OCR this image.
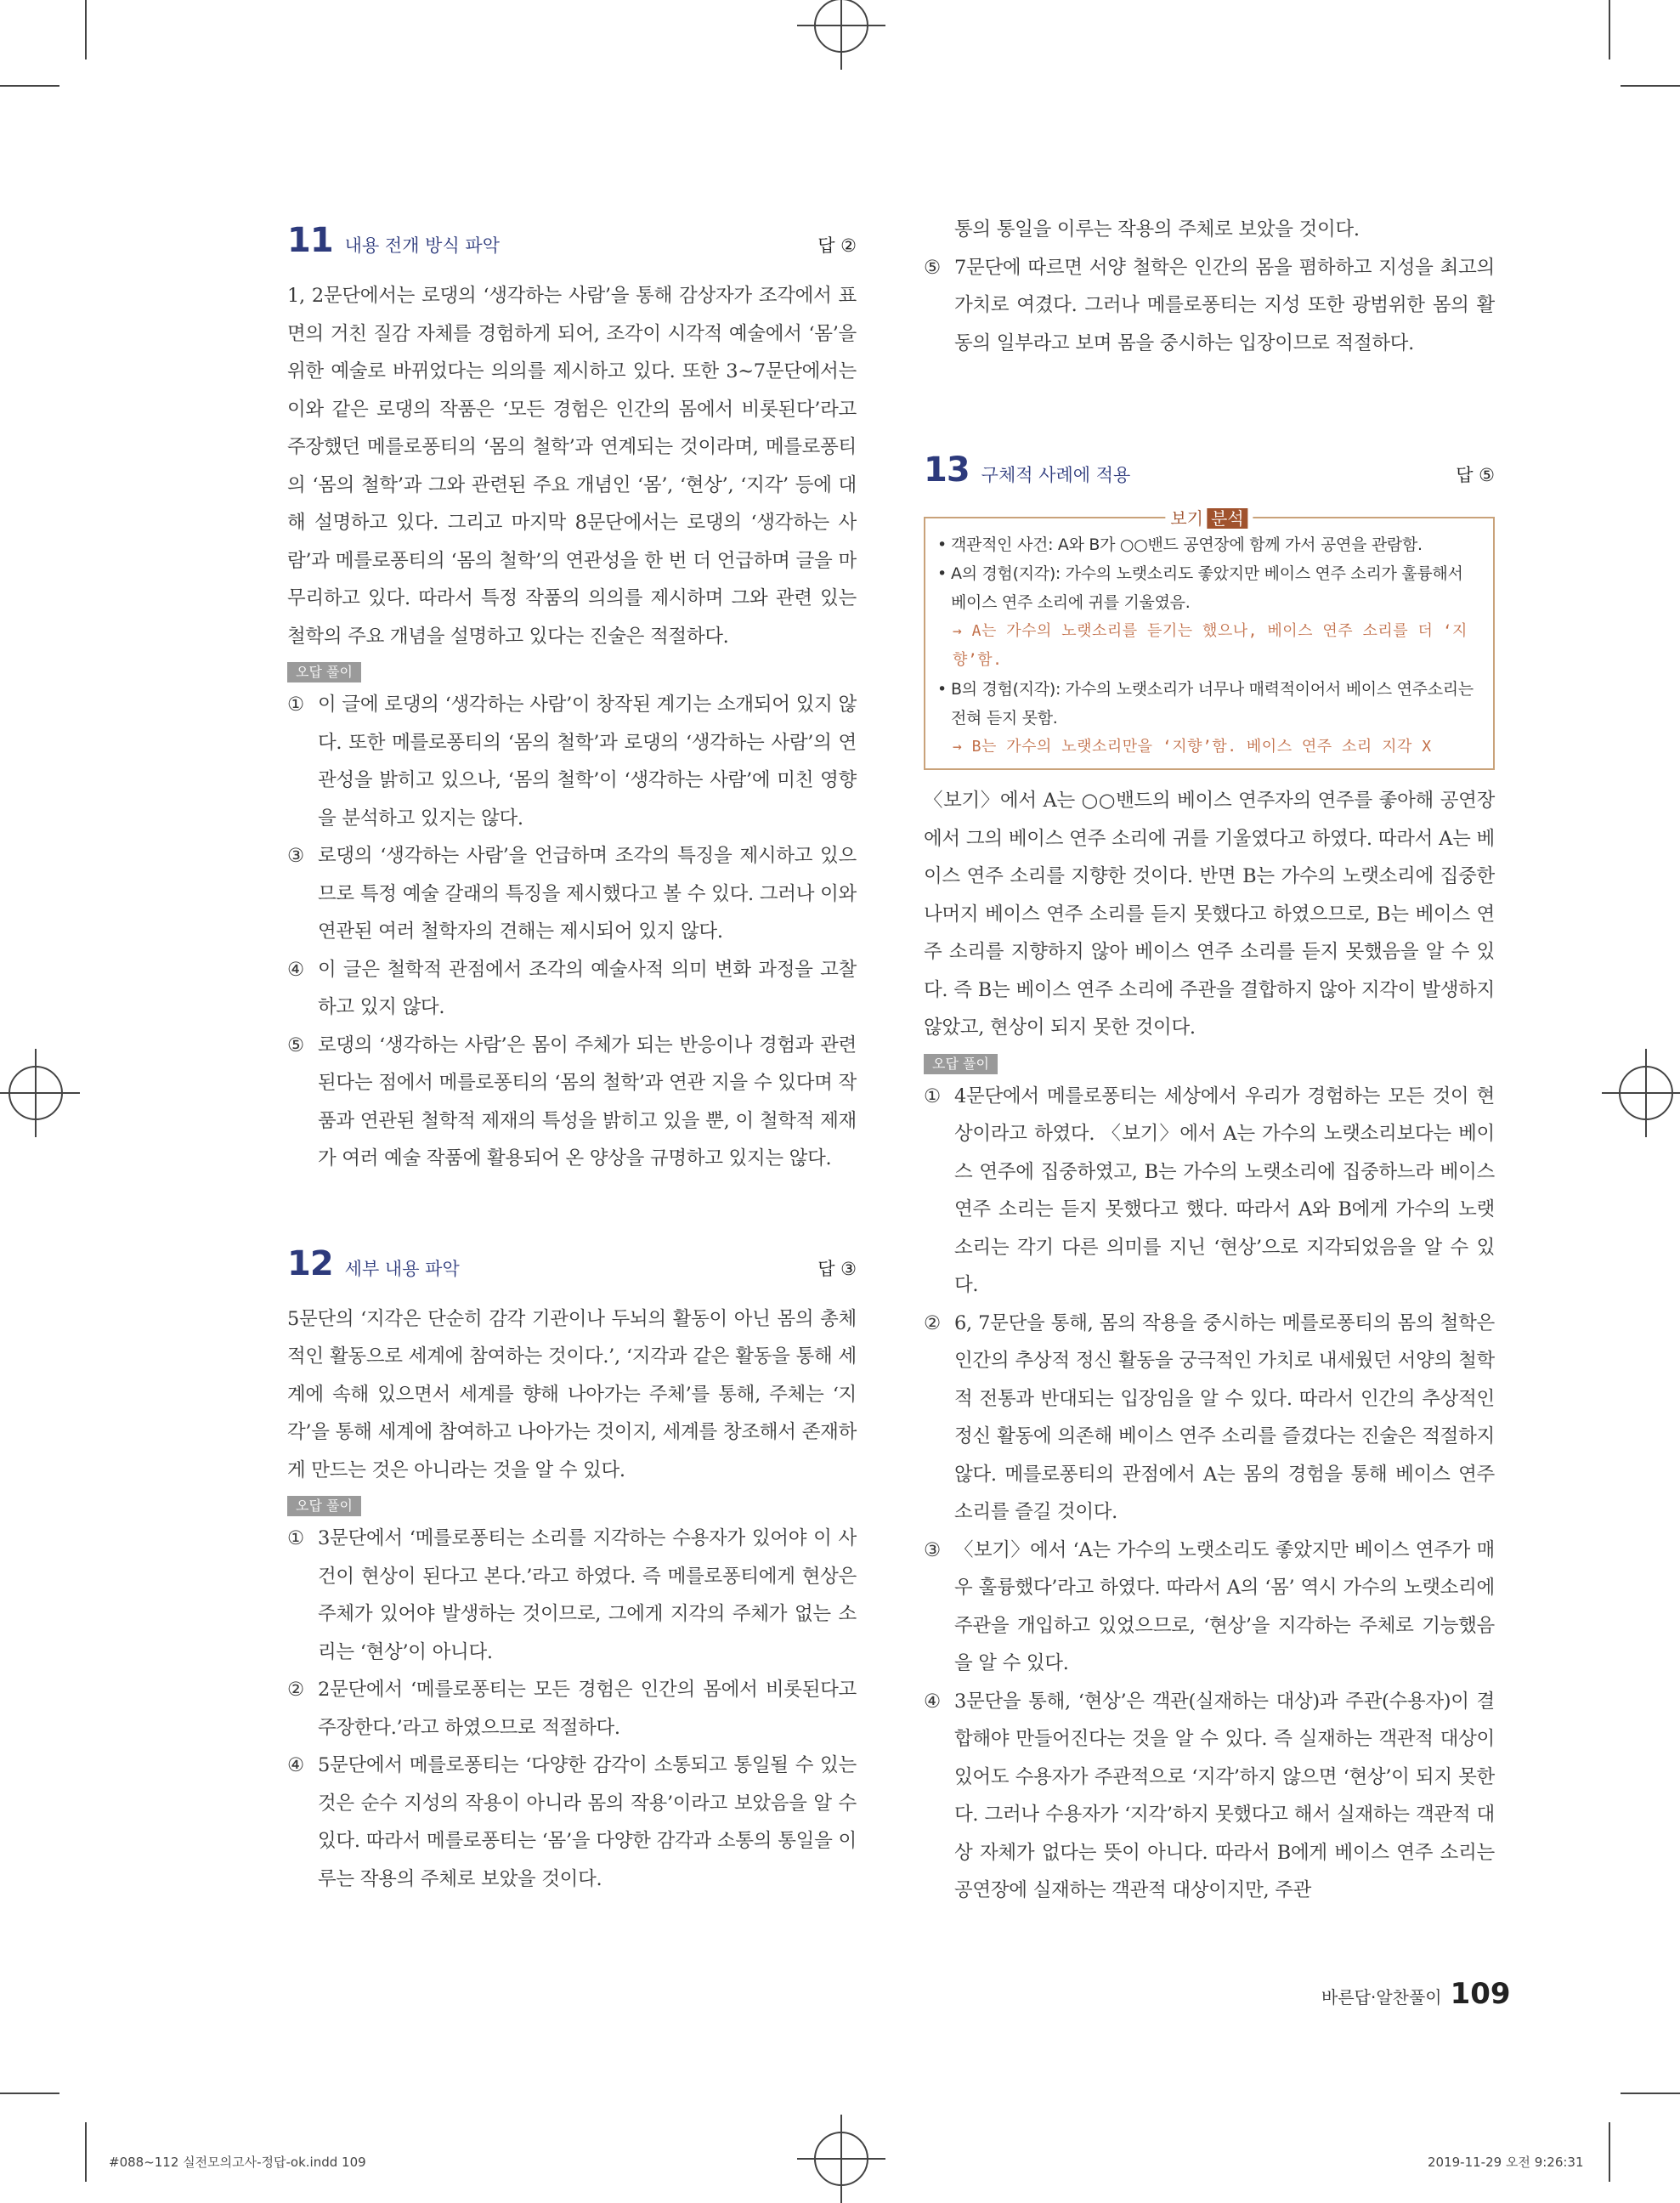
11 내용 전개 방식 파악	답 ②
1, 2문단에서는 로댕의 ‘생각하는 사람’을 통해 감상자가 조각에서 표면의 거친 질감 자체를 경험하게 되어, 조각이 시각적 예술에서 ‘몸’을 위한 예술로 바뀌었다는 의의를 제시하고 있다. 또한 3~7문단에서는 이와 같은 로댕의 작품은 ‘모든 경험은 인간의 몸에서 비롯된다’라고 주장했던 메를로퐁티의 ‘몸의 철학’과 연계되는 것이라며, 메를로퐁티의 ‘몸의 철학’과 그와 관련된 주요 개념인 ‘몸’, ‘현상’, ‘지각’ 등에 대해 설명하고 있다. 그리고 마지막 8문단에서는 로댕의 ‘생각하는 사람’과 메를로퐁티의 ‘몸의 철학’의 연관성을 한 번 더 언급하며 글을 마무리하고 있다. 따라서 특정 작품의 의의를 제시하며 그와 관련 있는 철학의 주요 개념을 설명하고 있다는 진술은 적절하다.
오답 풀이
① 이 글에 로댕의 ‘생각하는 사람’이 창작된 계기는 소개되어 있지 않다. 또한 메를로퐁티의 ‘몸의 철학’과 로댕의 ‘생각하는 사람’의 연관성을 밝히고 있으나, ‘몸의 철학’이 ‘생각하는 사람’에 미친 영향을 분석하고 있지는 않다.
③ 로댕의 ‘생각하는 사람’을 언급하며 조각의 특징을 제시하고 있으므로 특정 예술 갈래의 특징을 제시했다고 볼 수 있다. 그러나 이와 연관된 여러 철학자의 견해는 제시되어 있지 않다.
④ 이 글은 철학적 관점에서 조각의 예술사적 의미 변화 과정을 고찰하고 있지 않다.
⑤ 로댕의 ‘생각하는 사람’은 몸이 주체가 되는 반응이나 경험과 관련된다는 점에서 메를로퐁티의 ‘몸의 철학’과 연관 지을 수 있다며 작품과 연관된 철학적 제재의 특성을 밝히고 있을 뿐, 이 철학적 제재가 여러 예술 작품에 활용되어 온 양상을 규명하고 있지는 않다.
12 세부 내용 파악	답 ③
5문단의 ‘지각은 단순히 감각 기관이나 두뇌의 활동이 아닌 몸의 총체적인 활동으로 세계에 참여하는 것이다.’, ‘지각과 같은 활동을 통해 세계에 속해 있으면서 세계를 향해 나아가는 주체’를 통해, 주체는 ‘지각’을 통해 세계에 참여하고 나아가는 것이지, 세계를 창조해서 존재하게 만드는 것은 아니라는 것을 알 수 있다.
오답 풀이
① 3문단에서 ‘메를로퐁티는 소리를 지각하는 수용자가 있어야 이 사건이 현상이 된다고 본다.’라고 하였다. 즉 메를로퐁티에게 현상은 주체가 있어야 발생하는 것이므로, 그에게 지각의 주체가 없는 소리는 ‘현상’이 아니다.
② 2문단에서 ‘메를로퐁티는 모든 경험은 인간의 몸에서 비롯된다고 주장한다.’라고 하였으므로 적절하다.
④ 5문단에서 메를로퐁티는 ‘다양한 감각이 소통되고 통일될 수 있는 것은 순수 지성의 작용이 아니라 몸의 작용’이라고 보았음을 알 수 있다. 따라서 메를로퐁티는 ‘몸’을 다양한 감각과 소통의 통일을 이루는 작용의 주체로 보았을 것이다.
통의 통일을 이루는 작용의 주체로 보았을 것이다.
⑤ 7문단에 따르면 서양 철학은 인간의 몸을 폄하하고 지성을 최고의 가치로 여겼다. 그러나 메를로퐁티는 지성 또한 광범위한 몸의 활동의 일부라고 보며 몸을 중시하는 입장이므로 적절하다.
13 구체적 사례에 적용	답 ⑤
보기 분석
• 객관적인 사건: A와 B가 ○○밴드 공연장에 함께 가서 공연을 관람함.
• A의 경험(지각): 가수의 노랫소리도 좋았지만 베이스 연주 소리가 훌륭해서 베이스 연주 소리에 귀를 기울였음.
→ A는 가수의 노랫소리를 듣기는 했으나, 베이스 연주 소리를 더 ‘지향’함.
• B의 경험(지각): 가수의 노랫소리가 너무나 매력적이어서 베이스 연주소리는 전혀 듣지 못함.
→ B는 가수의 노랫소리만을 ‘지향’함. 베이스 연주 소리 지각 X
〈보기〉에서 A는 ○○밴드의 베이스 연주자의 연주를 좋아해 공연장에서 그의 베이스 연주 소리에 귀를 기울였다고 하였다. 따라서 A는 베이스 연주 소리를 지향한 것이다. 반면 B는 가수의 노랫소리에 집중한 나머지 베이스 연주 소리를 듣지 못했다고 하였으므로, B는 베이스 연주 소리를 지향하지 않아 베이스 연주 소리를 듣지 못했음을 알 수 있다. 즉 B는 베이스 연주 소리에 주관을 결합하지 않아 지각이 발생하지 않았고, 현상이 되지 못한 것이다.
오답 풀이
① 4문단에서 메를로퐁티는 세상에서 우리가 경험하는 모든 것이 현상이라고 하였다. 〈보기〉에서 A는 가수의 노랫소리보다는 베이스 연주에 집중하였고, B는 가수의 노랫소리에 집중하느라 베이스 연주 소리는 듣지 못했다고 했다. 따라서 A와 B에게 가수의 노랫소리는 각기 다른 의미를 지닌 ‘현상’으로 지각되었음을 알 수 있다.
② 6, 7문단을 통해, 몸의 작용을 중시하는 메를로퐁티의 몸의 철학은 인간의 추상적 정신 활동을 궁극적인 가치로 내세웠던 서양의 철학적 전통과 반대되는 입장임을 알 수 있다. 따라서 인간의 추상적인 정신 활동에 의존해 베이스 연주 소리를 즐겼다는 진술은 적절하지 않다. 메를로퐁티의 관점에서 A는 몸의 경험을 통해 베이스 연주 소리를 즐길 것이다.
③ 〈보기〉에서 ‘A는 가수의 노랫소리도 좋았지만 베이스 연주가 매우 훌륭했다’라고 하였다. 따라서 A의 ‘몸’ 역시 가수의 노랫소리에 주관을 개입하고 있었으므로, ‘현상’을 지각하는 주체로 기능했음을 알 수 있다.
④ 3문단을 통해, ‘현상’은 객관(실재하는 대상)과 주관(수용자)이 결합해야 만들어진다는 것을 알 수 있다. 즉 실재하는 객관적 대상이 있어도 수용자가 주관적으로 ‘지각’하지 않으면 ‘현상’이 되지 못한다. 그러나 수용자가 ‘지각’하지 못했다고 해서 실재하는 객관적 대상 자체가 없다는 뜻이 아니다. 따라서 B에게 베이스 연주 소리는 공연장에 실재하는 객관적 대상이지만, 주관
바른답·알찬풀이 109
#088~112 실전모의고사-정답-ok.indd 109	2019-11-29 오전 9:26:31
